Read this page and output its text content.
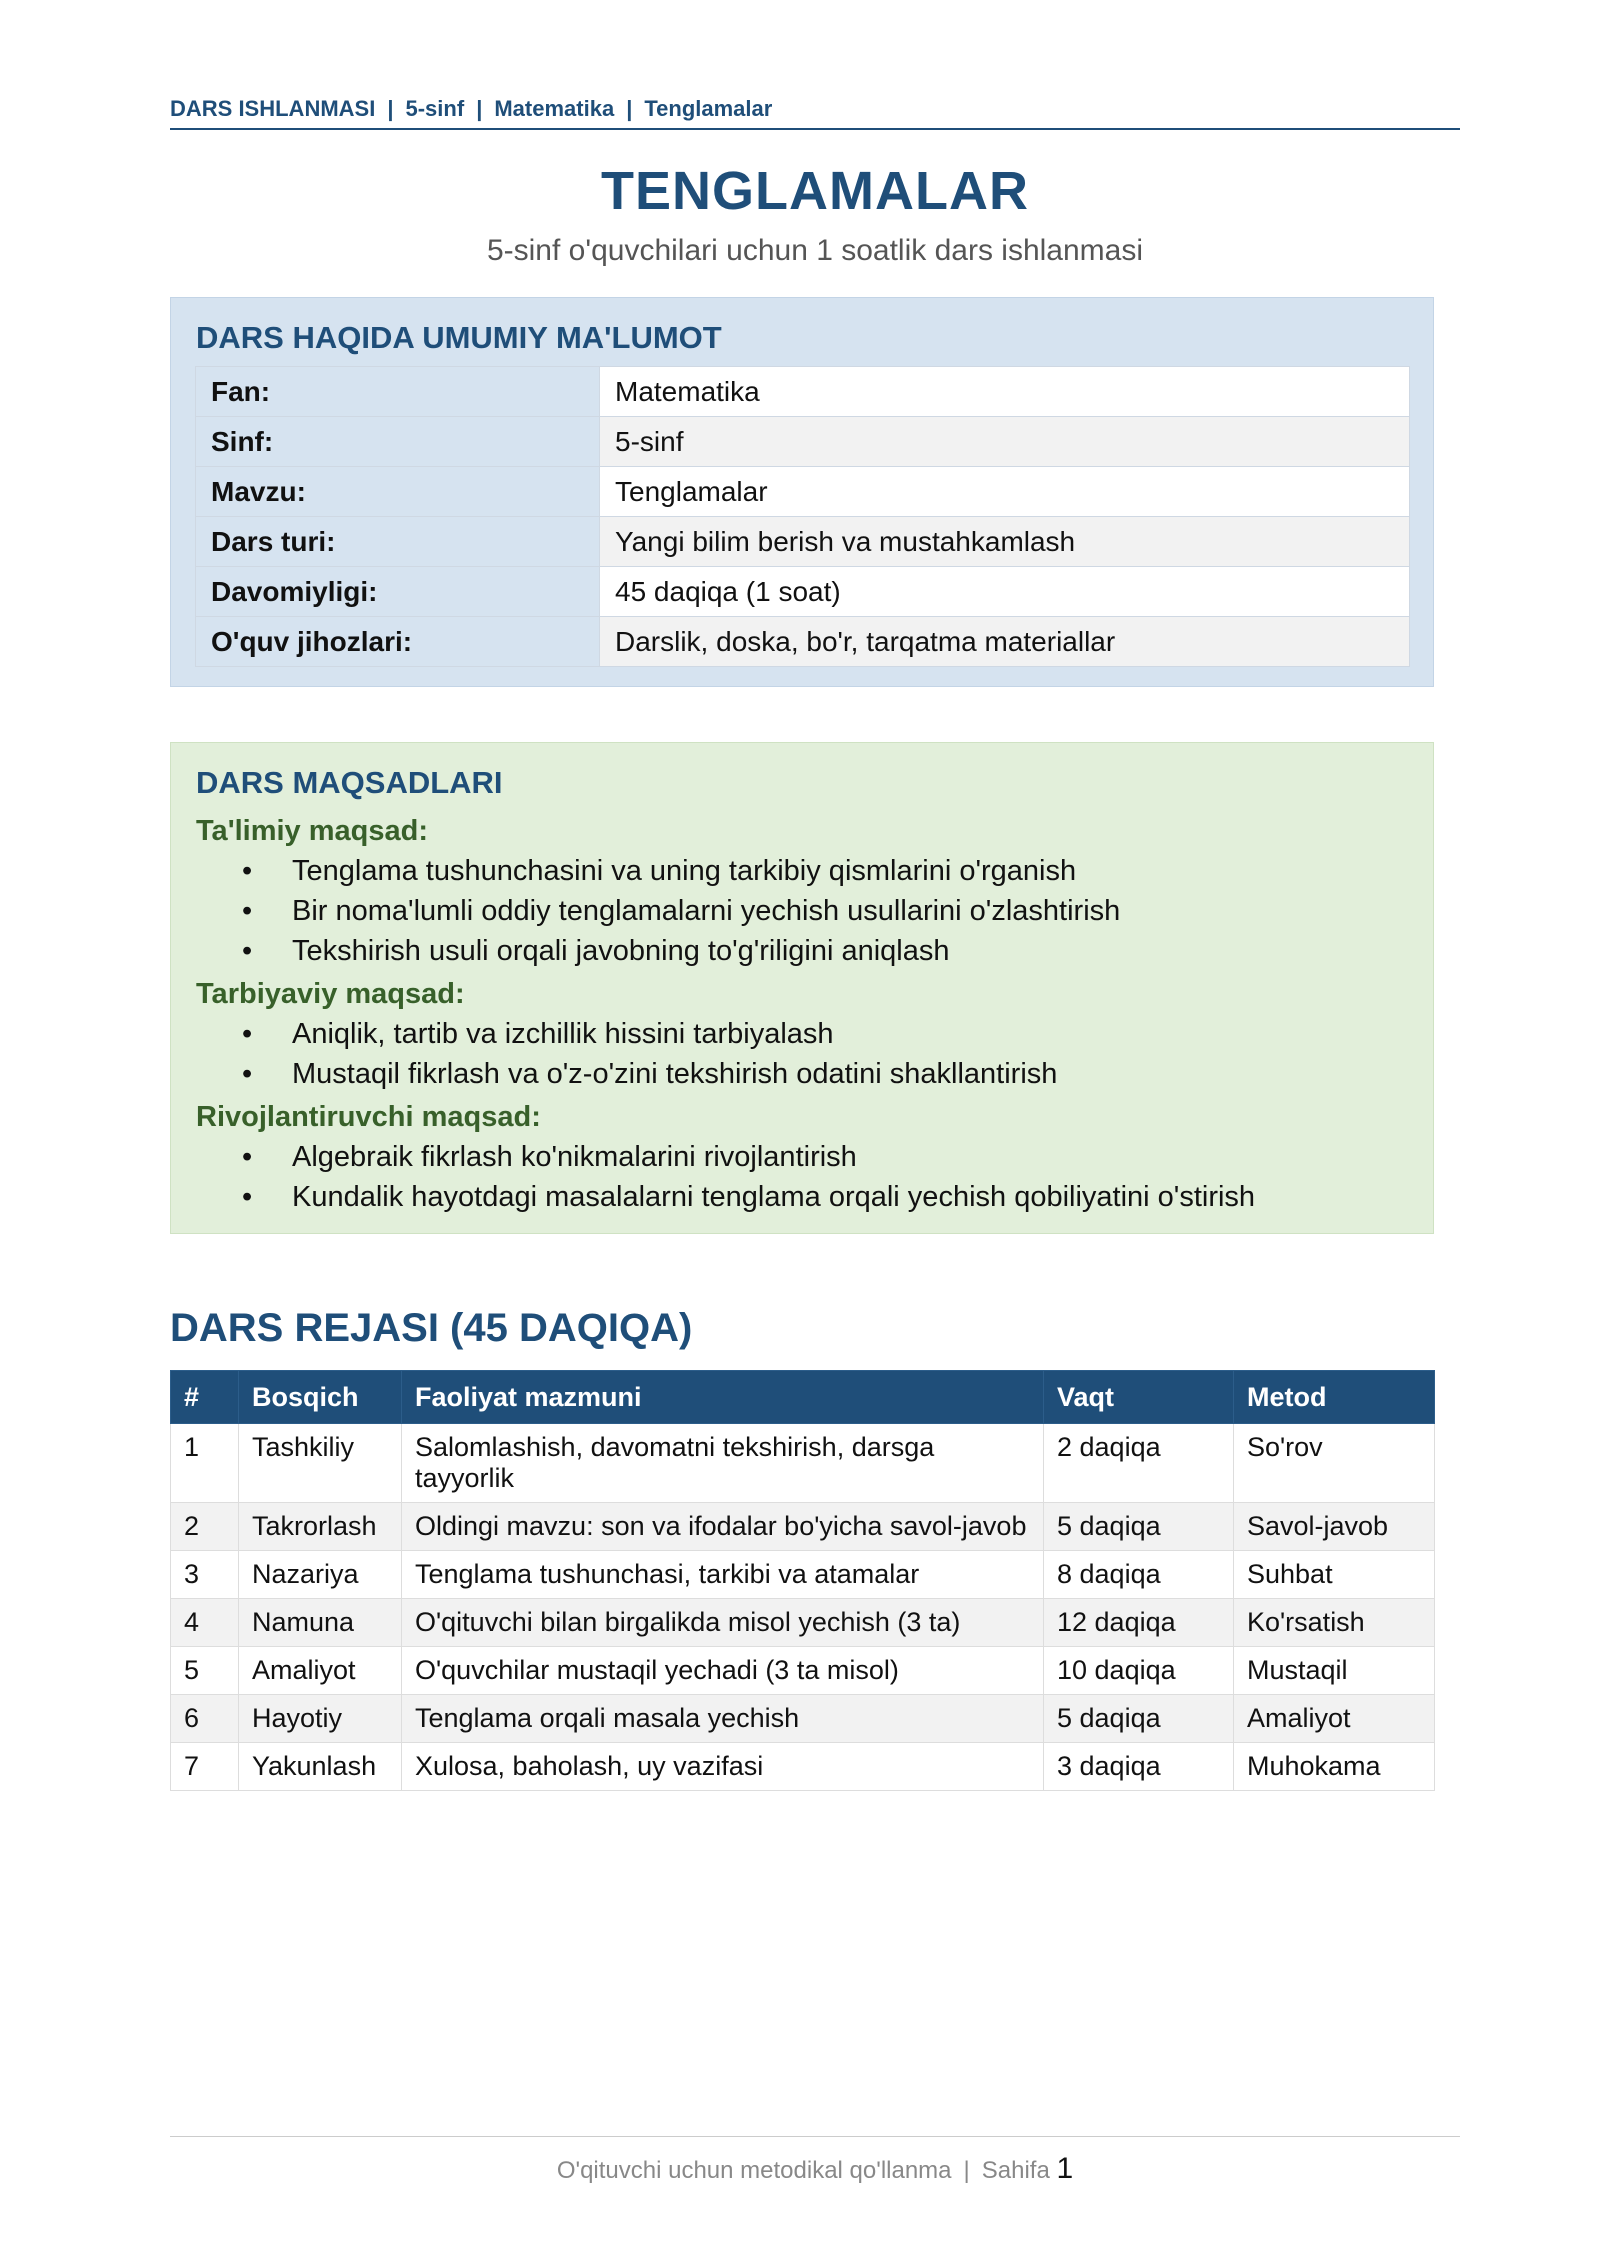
DARS ISHLANMASI | 5-sinf | Matematika | Tenglamalar
TENGLAMALAR
5-sinf o'quvchilari uchun 1 soatlik dars ishlanmasi
DARS HAQIDA UMUMIY MA'LUMOT
Fan:	Matematika
Sinf:	5-sinf
Mavzu:	Tenglamalar
Dars turi:	Yangi bilim berish va mustahkamlash
Davomiyligi:	45 daqiqa (1 soat)
O'quv jihozlari:	Darslik, doska, bo'r, tarqatma materiallar
DARS MAQSADLARI
Ta'limiy maqsad:
• Tenglama tushunchasini va uning tarkibiy qismlarini o'rganish
• Bir noma'lumli oddiy tenglamalarni yechish usullarini o'zlashtirish
• Tekshirish usuli orqali javobning to'g'riligini aniqlash
Tarbiyaviy maqsad:
• Aniqlik, tartib va izchillik hissini tarbiyalash
• Mustaqil fikrlash va o'z-o'zini tekshirish odatini shakllantirish
Rivojlantiruvchi maqsad:
• Algebraik fikrlash ko'nikmalarini rivojlantirish
• Kundalik hayotdagi masalalarni tenglama orqali yechish qobiliyatini o'stirish
DARS REJASI (45 DAQIQA)
#	Bosqich	Faoliyat mazmuni	Vaqt	Metod
1	Tashkiliy	Salomlashish, davomatni tekshirish, darsga tayyorlik	2 daqiqa	So'rov
2	Takrorlash	Oldingi mavzu: son va ifodalar bo'yicha savol-javob	5 daqiqa	Savol-javob
3	Nazariya	Tenglama tushunchasi, tarkibi va atamalar	8 daqiqa	Suhbat
4	Namuna	O'qituvchi bilan birgalikda misol yechish (3 ta)	12 daqiqa	Ko'rsatish
5	Amaliyot	O'quvchilar mustaqil yechadi (3 ta misol)	10 daqiqa	Mustaqil
6	Hayotiy	Tenglama orqali masala yechish	5 daqiqa	Amaliyot
7	Yakunlash	Xulosa, baholash, uy vazifasi	3 daqiqa	Muhokama
O'qituvchi uchun metodikal qo'llanma | Sahifa 1
